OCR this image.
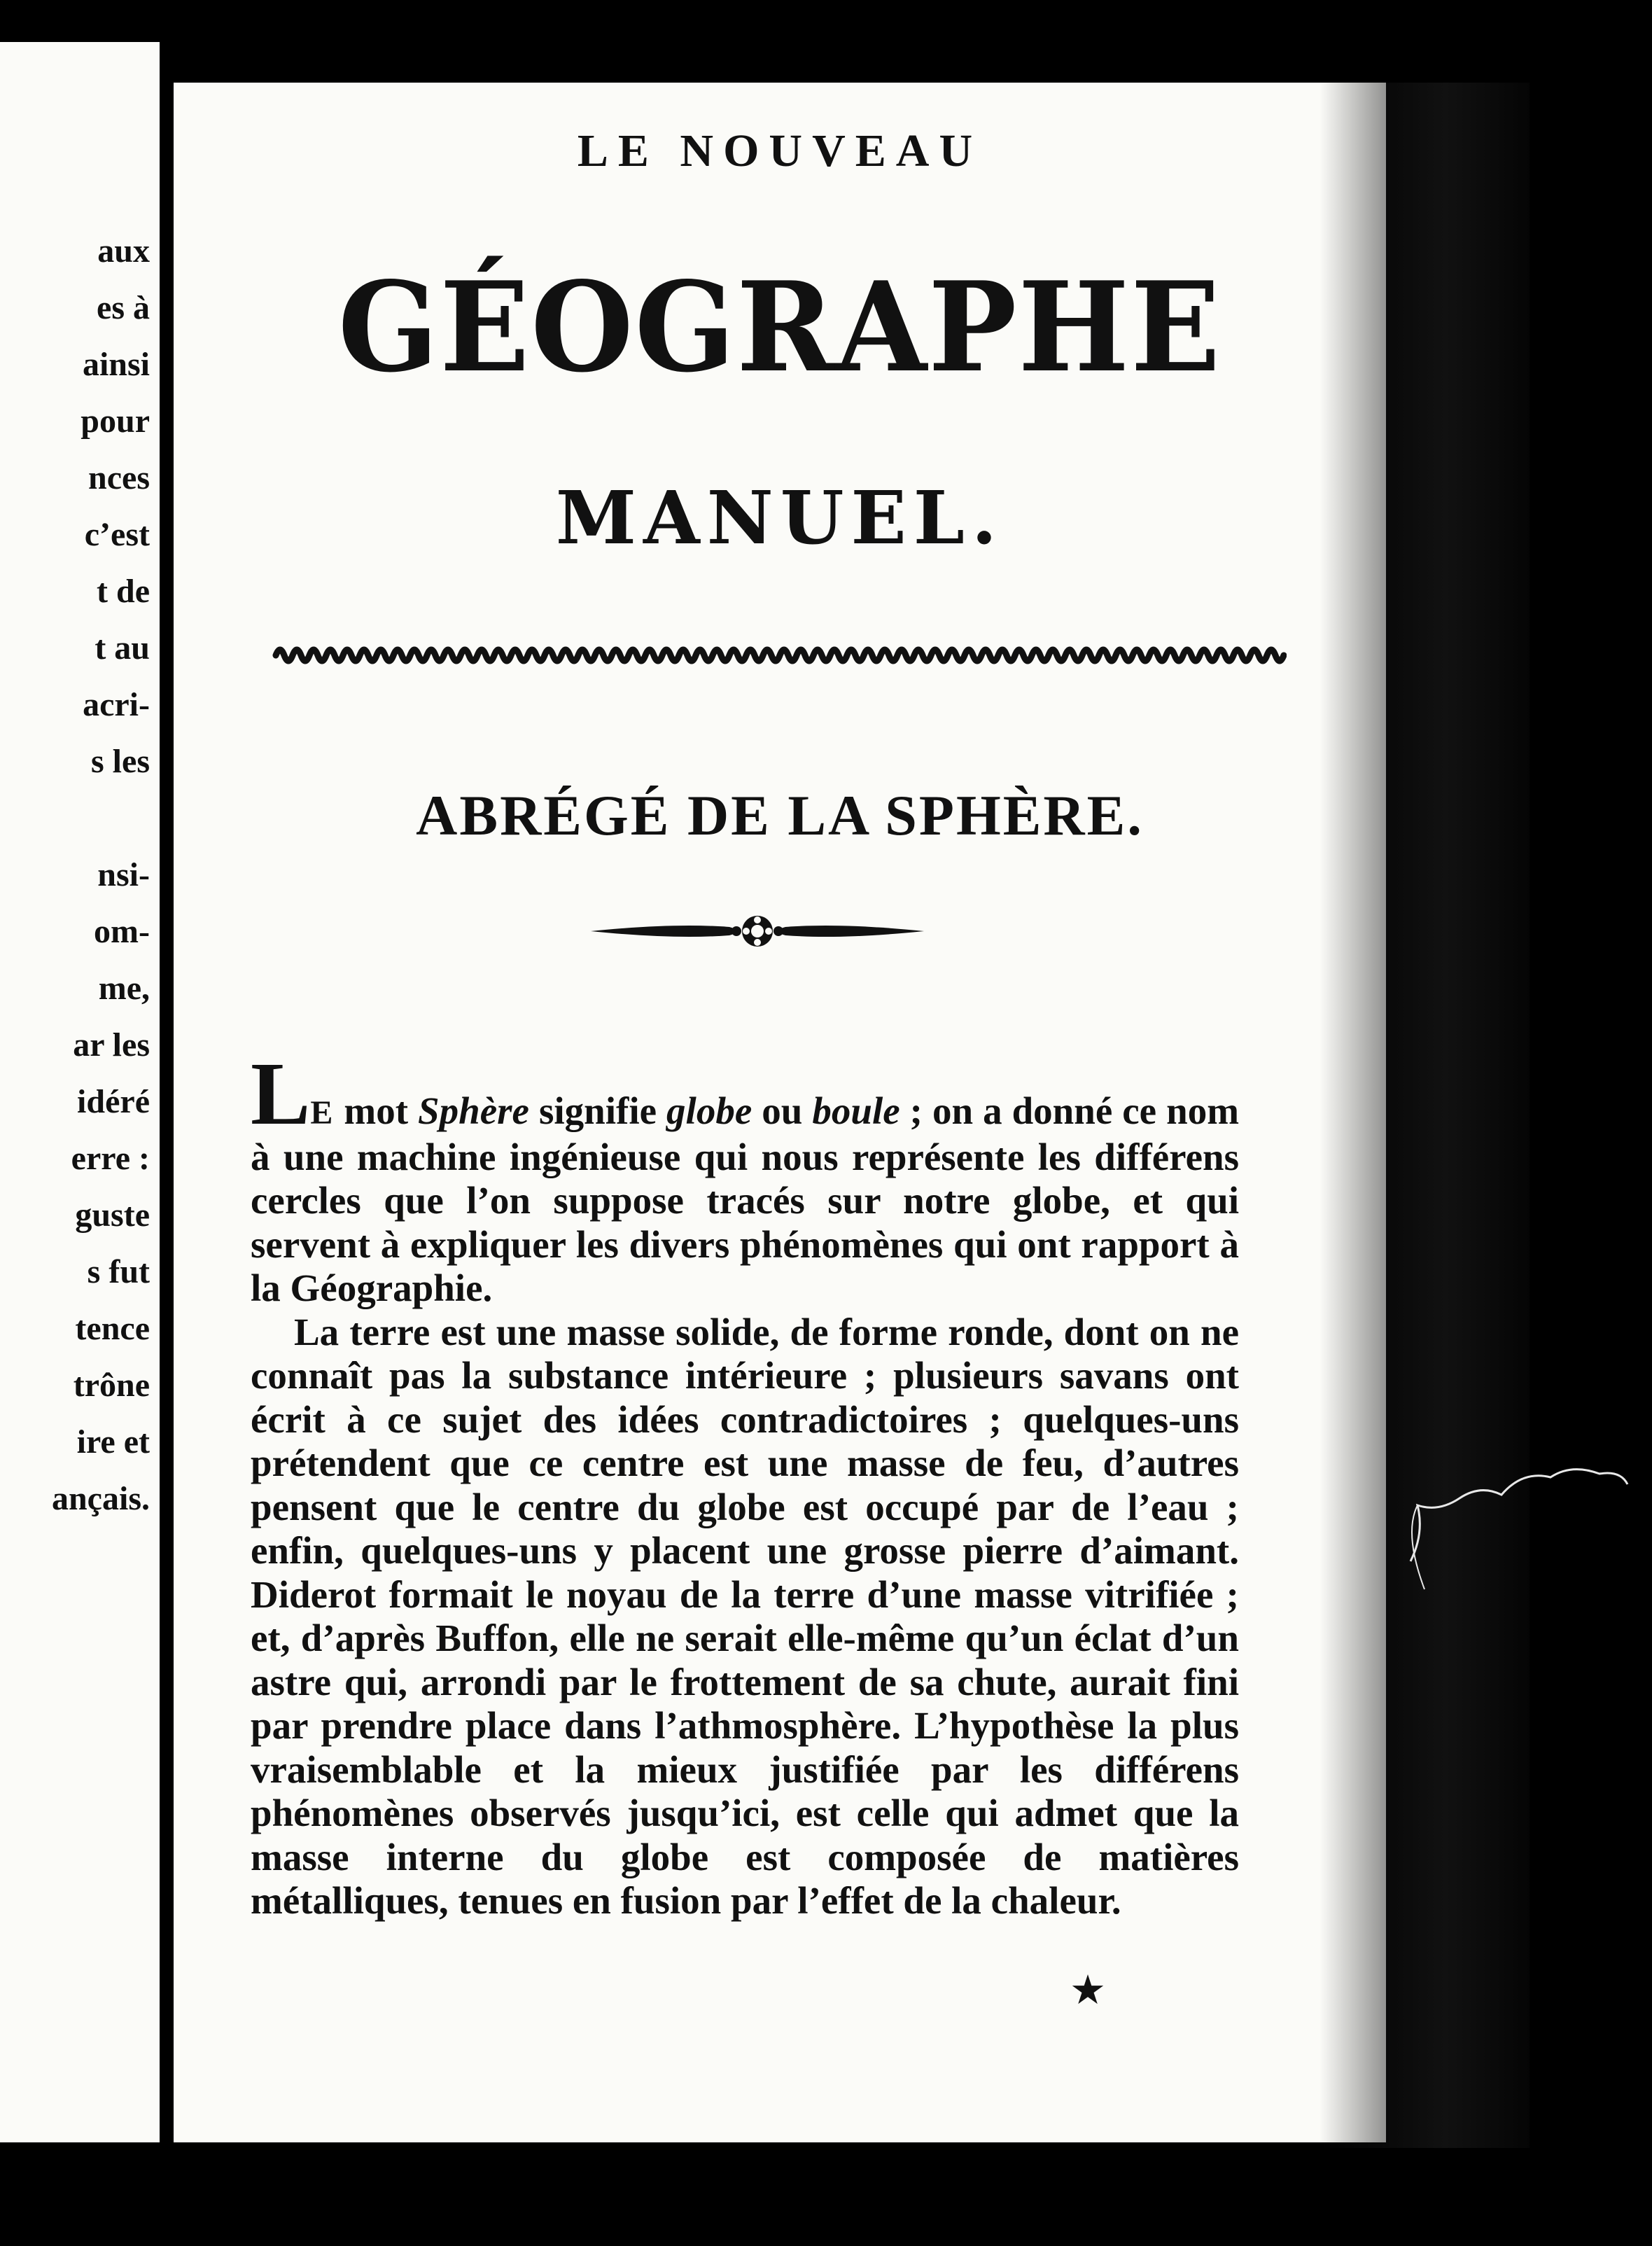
aux
es à
ainsi
pour
nces
c’est
t de
t au
acri-
s les
nsi-
om-
me,
ar les
idéré
erre :
guste
s fut
tence
trône
ire et
ançais.
LE NOUVEAU
GÉOGRAPHE
MANUEL.
ABRÉGÉ DE LA SPHÈRE.

LE mot Sphère signifie globe ou boule ; on a donné ce nom à une machine ingénieuse qui nous représente les différens cercles que l’on suppose tracés sur notre globe, et qui servent à expliquer les divers phénomènes qui ont rapport à la Géographie.

La terre est une masse solide, de forme ronde, dont on ne connaît pas la substance intérieure ; plusieurs savans ont écrit à ce sujet des idées contradictoires ; quelques-uns prétendent que ce centre est une masse de feu, d’autres pensent que le centre du globe est occupé par de l’eau ; enfin, quelques-uns y placent une grosse pierre d’aimant. Diderot formait le noyau de la terre d’une masse vitrifiée ; et, d’après Buffon, elle ne serait elle-même qu’un éclat d’un astre qui, arrondi par le frottement de sa chute, aurait fini par prendre place dans l’athmosphère. L’hypothèse la plus vraisemblable et la mieux justifiée par les différens phénomènes observés jusqu’ici, est celle qui admet que la masse interne du globe est composée de matières métalliques, tenues en fusion par l’effet de la chaleur.

★
